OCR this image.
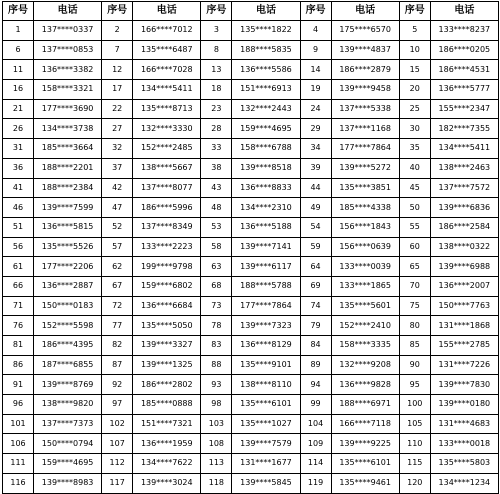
序号	电话	序号	电话	序号	电话	序号	电话	序号	电话
1	137****0337	2	166****7012	3	135****1822	4	175****6570	5	133****8237
6	137****0853	7	135****6487	8	188****5835	9	139****4837	10	186****0205
11	136****3382	12	166****7028	13	136****5586	14	186****2879	15	186****4531
16	158****3321	17	134****5411	18	151****6913	19	139****9458	20	136****5777
21	177****3690	22	135****8713	23	132****2443	24	137****5338	25	155****2347
26	134****3738	27	132****3330	28	159****4695	29	137****1168	30	182****7355
31	185****3664	32	152****2485	33	158****6788	34	177****7864	35	134****5411
36	188****2201	37	138****5667	38	139****8518	39	139****5272	40	138****2463
41	188****2384	42	137****8077	43	136****8833	44	135****3851	45	137****7572
46	139****7599	47	186****5996	48	134****2310	49	185****4338	50	139****6836
51	136****5815	52	137****8349	53	136****5188	54	156****1843	55	186****2584
56	135****5526	57	133****2223	58	139****7141	59	156****0639	60	138****0322
61	177****2206	62	199****9798	63	139****6117	64	133****0039	65	139****6988
66	136****2887	67	159****6802	68	188****5788	69	133****1865	70	136****2007
71	150****0183	72	136****6684	73	177****7864	74	135****5601	75	150****7763
76	152****5598	77	135****5050	78	139****7323	79	152****2410	80	131****1868
81	186****4395	82	139****3327	83	136****8129	84	158****3335	85	155****2785
86	187****6855	87	139****1325	88	135****9101	89	132****9208	90	131****7226
91	139****8769	92	186****2802	93	138****8110	94	136****9828	95	139****7830
96	138****9820	97	185****0888	98	135****6101	99	188****6971	100	139****0180
101	137****7373	102	151****7321	103	135****1027	104	166****7118	105	131****4683
106	150****0794	107	136****1959	108	139****7579	109	139****9225	110	133****0018
111	159****4695	112	134****7622	113	131****1677	114	135****6101	115	135****5803
116	139****8983	117	139****3024	118	139****5845	119	135****9461	120	134****1234
